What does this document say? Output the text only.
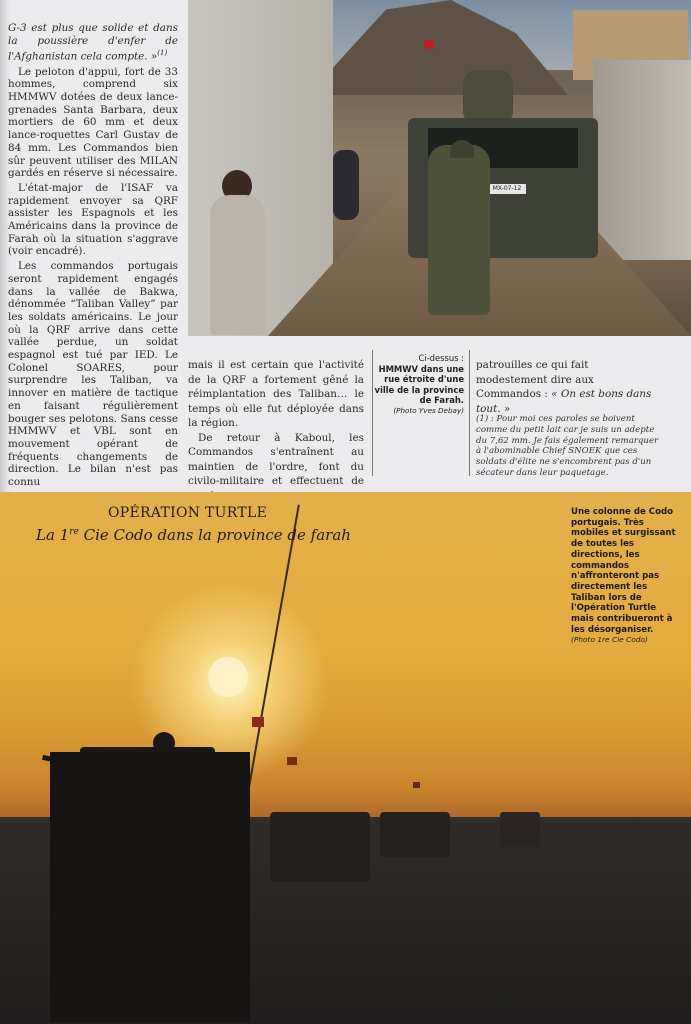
G-3 est plus que solide et dans la poussière d'enfer de l'Afghanistan cela compte. »$^{(1)}$

Le peloton d'appui, fort de 33 hommes, comprend six HMMWV dotées de deux lance-grenades Santa Barbara, deux mortiers de 60 mm et deux lance-roquettes Carl Gustav de 84 mm. Les Commandos bien sûr peuvent utiliser des MILAN gardés en réserve si nécessaire.

L'état-major de l'ISAF va rapidement envoyer sa QRF assister les Espagnols et les Américains dans la province de Farah où la situation s'aggrave (voir encadré).

Les commandos portugais seront rapidement engagés dans la vallée de Bakwa, dénommée “Taliban Valley” par les soldats américains. Le jour où la QRF arrive dans cette vallée perdue, un soldat espagnol est tué par IED. Le Colonel SOARES, pour surprendre les Taliban, va innover en matière de tactique en faisant régulièrement bouger ses pelotons. Sans cesse HMMWV et VBL sont en mouvement opérant de fréquents changements de direction. Le bilan n'est pas connu

MX-07-12

mais il est certain que l'activité de la QRF a fortement gêné la réimplantation des Taliban… le temps où elle fut déployée dans la région.

De retour à Kaboul, les Commandos s'entraînent au maintien de l'ordre, font du civilo-militaire et effectuent de

Ci-dessus :
HMMWV dans une rue étroite d'une ville de la province de Farah.
(Photo Yves Debay)
patrouilles ce qui fait modestement dire aux Commandos : « On est bons dans tout. »
(1) : Pour moi ces paroles se boivent comme du petit lait car je suis un adepte du 7,62 mm. Je fais également remarquer à l'abominable Chief SNOEK que ces soldats d'élite ne s'encombrent pas d'un sécateur dans leur paquetage.
OPÉRATION TURTLE
La 1re Cie Codo dans la province de farah
Une colonne de Codo portugais. Très mobiles et surgissant de toutes les directions, les commandos n'affronteront pas directement les Taliban lors de l'Opération Turtle mais contribueront à les désorganiser.
(Photo 1re Cie Codo)
